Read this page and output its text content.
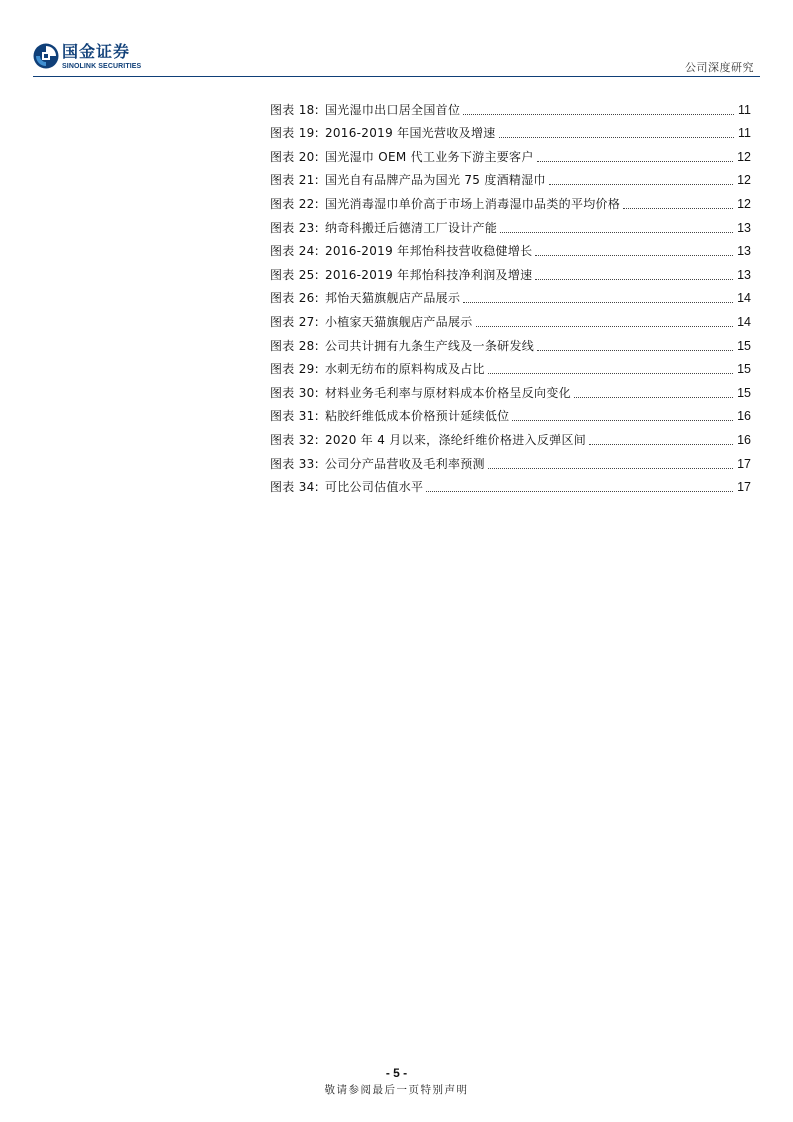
国金证券
SINOLINK SECURITIES	公司深度研究
图表 18: 国光湿巾出口居全国首位	11
图表 19: 2016-2019 年国光营收及增速	11
图表 20: 国光湿巾 OEM 代工业务下游主要客户	12
图表 21: 国光自有品牌产品为国光 75 度酒精湿巾	12
图表 22: 国光消毒湿巾单价高于市场上消毒湿巾品类的平均价格	12
图表 23: 纳奇科搬迁后德清工厂设计产能	13
图表 24: 2016-2019 年邦怡科技营收稳健增长	13
图表 25: 2016-2019 年邦怡科技净利润及增速	13
图表 26: 邦怡天猫旗舰店产品展示	14
图表 27: 小植家天猫旗舰店产品展示	14
图表 28: 公司共计拥有九条生产线及一条研发线	15
图表 29: 水刺无纺布的原料构成及占比	15
图表 30: 材料业务毛利率与原材料成本价格呈反向变化	15
图表 31: 粘胶纤维低成本价格预计延续低位	16
图表 32: 2020 年 4 月以来，涤纶纤维价格进入反弹区间	16
图表 33: 公司分产品营收及毛利率预测	17
图表 34: 可比公司估值水平	17
- 5 -
敬请参阅最后一页特别声明
